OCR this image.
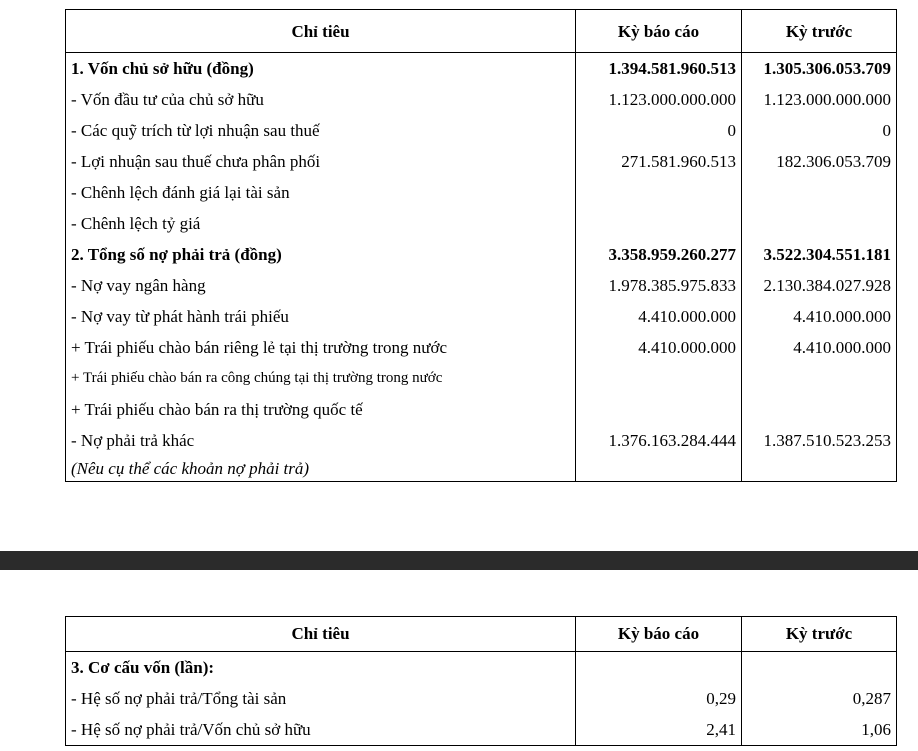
Chỉ tiêu	Kỳ báo cáo	Kỳ trước
1. Vốn chủ sở hữu (đồng)	1.394.581.960.513	1.305.306.053.709
- Vốn đầu tư của chủ sở hữu	1.123.000.000.000	1.123.000.000.000
- Các quỹ trích từ lợi nhuận sau thuế	0	0
- Lợi nhuận sau thuế chưa phân phối	271.581.960.513	182.306.053.709
- Chênh lệch đánh giá lại tài sản		
- Chênh lệch tỷ giá		
2. Tổng số nợ phải trả (đồng)	3.358.959.260.277	3.522.304.551.181
- Nợ vay ngân hàng	1.978.385.975.833	2.130.384.027.928
- Nợ vay từ phát hành trái phiếu	4.410.000.000	4.410.000.000
+ Trái phiếu chào bán riêng lẻ tại thị trường trong nước	4.410.000.000	4.410.000.000
+ Trái phiếu chào bán ra công chúng tại thị trường trong nước		
+ Trái phiếu chào bán ra thị trường quốc tế		
- Nợ phải trả khác	1.376.163.284.444	1.387.510.523.253
(Nêu cụ thể các khoản nợ phải trả)		
Chỉ tiêu	Kỳ báo cáo	Kỳ trước
3. Cơ cấu vốn (lần):		
- Hệ số nợ phải trả/Tổng tài sản	0,29	0,287
- Hệ số nợ phải trả/Vốn chủ sở hữu	2,41	1,06
